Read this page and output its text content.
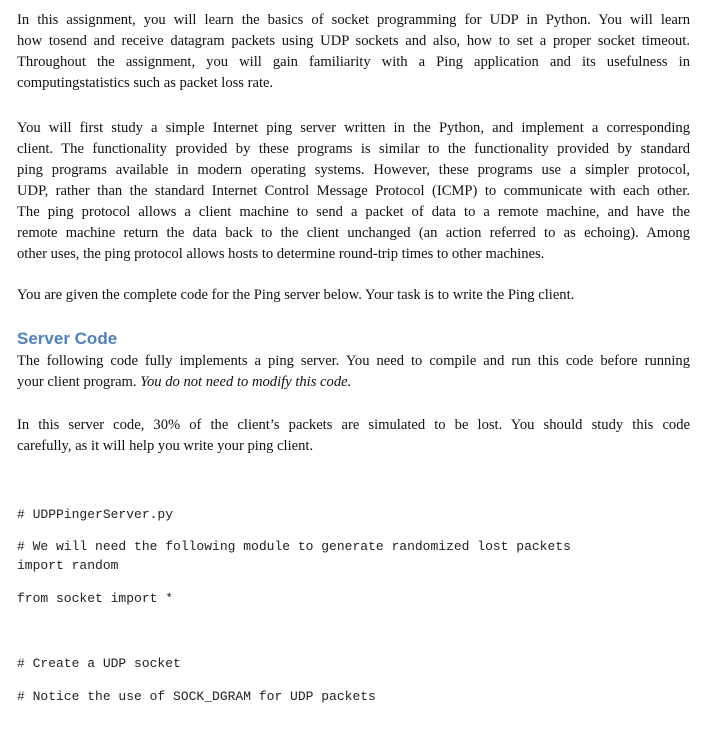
In this assignment, you will learn the basics of socket programming for UDP in Python. You will learn
how tosend and receive datagram packets using UDP sockets and also, how to set a proper socket timeout.
Throughout the assignment, you will gain familiarity with a Ping application and its usefulness in
computingstatistics such as packet loss rate.

You will first study a simple Internet ping server written in the Python, and implement a corresponding
client. The functionality provided by these programs is similar to the functionality provided by standard
ping programs available in modern operating systems. However, these programs use a simpler protocol,
UDP, rather than the standard Internet Control Message Protocol (ICMP) to communicate with each other.
The ping protocol allows a client machine to send a packet of data to a remote machine, and have the
remote machine return the data back to the client unchanged (an action referred to as echoing). Among
other uses, the ping protocol allows hosts to determine round-trip times to other machines.

You are given the complete code for the Ping server below. Your task is to write the Ping client.

Server Code

The following code fully implements a ping server. You need to compile and run this code before running
your client program. You do not need to modify this code.

In this server code, 30% of the client’s packets are simulated to be lost. You should study this code
carefully, as it will help you write your ping client.

# UDPPingerServer.py
# We will need the following module to generate randomized lost packets
import random
from socket import *
# Create a UDP socket
# Notice the use of SOCK_DGRAM for UDP packets
